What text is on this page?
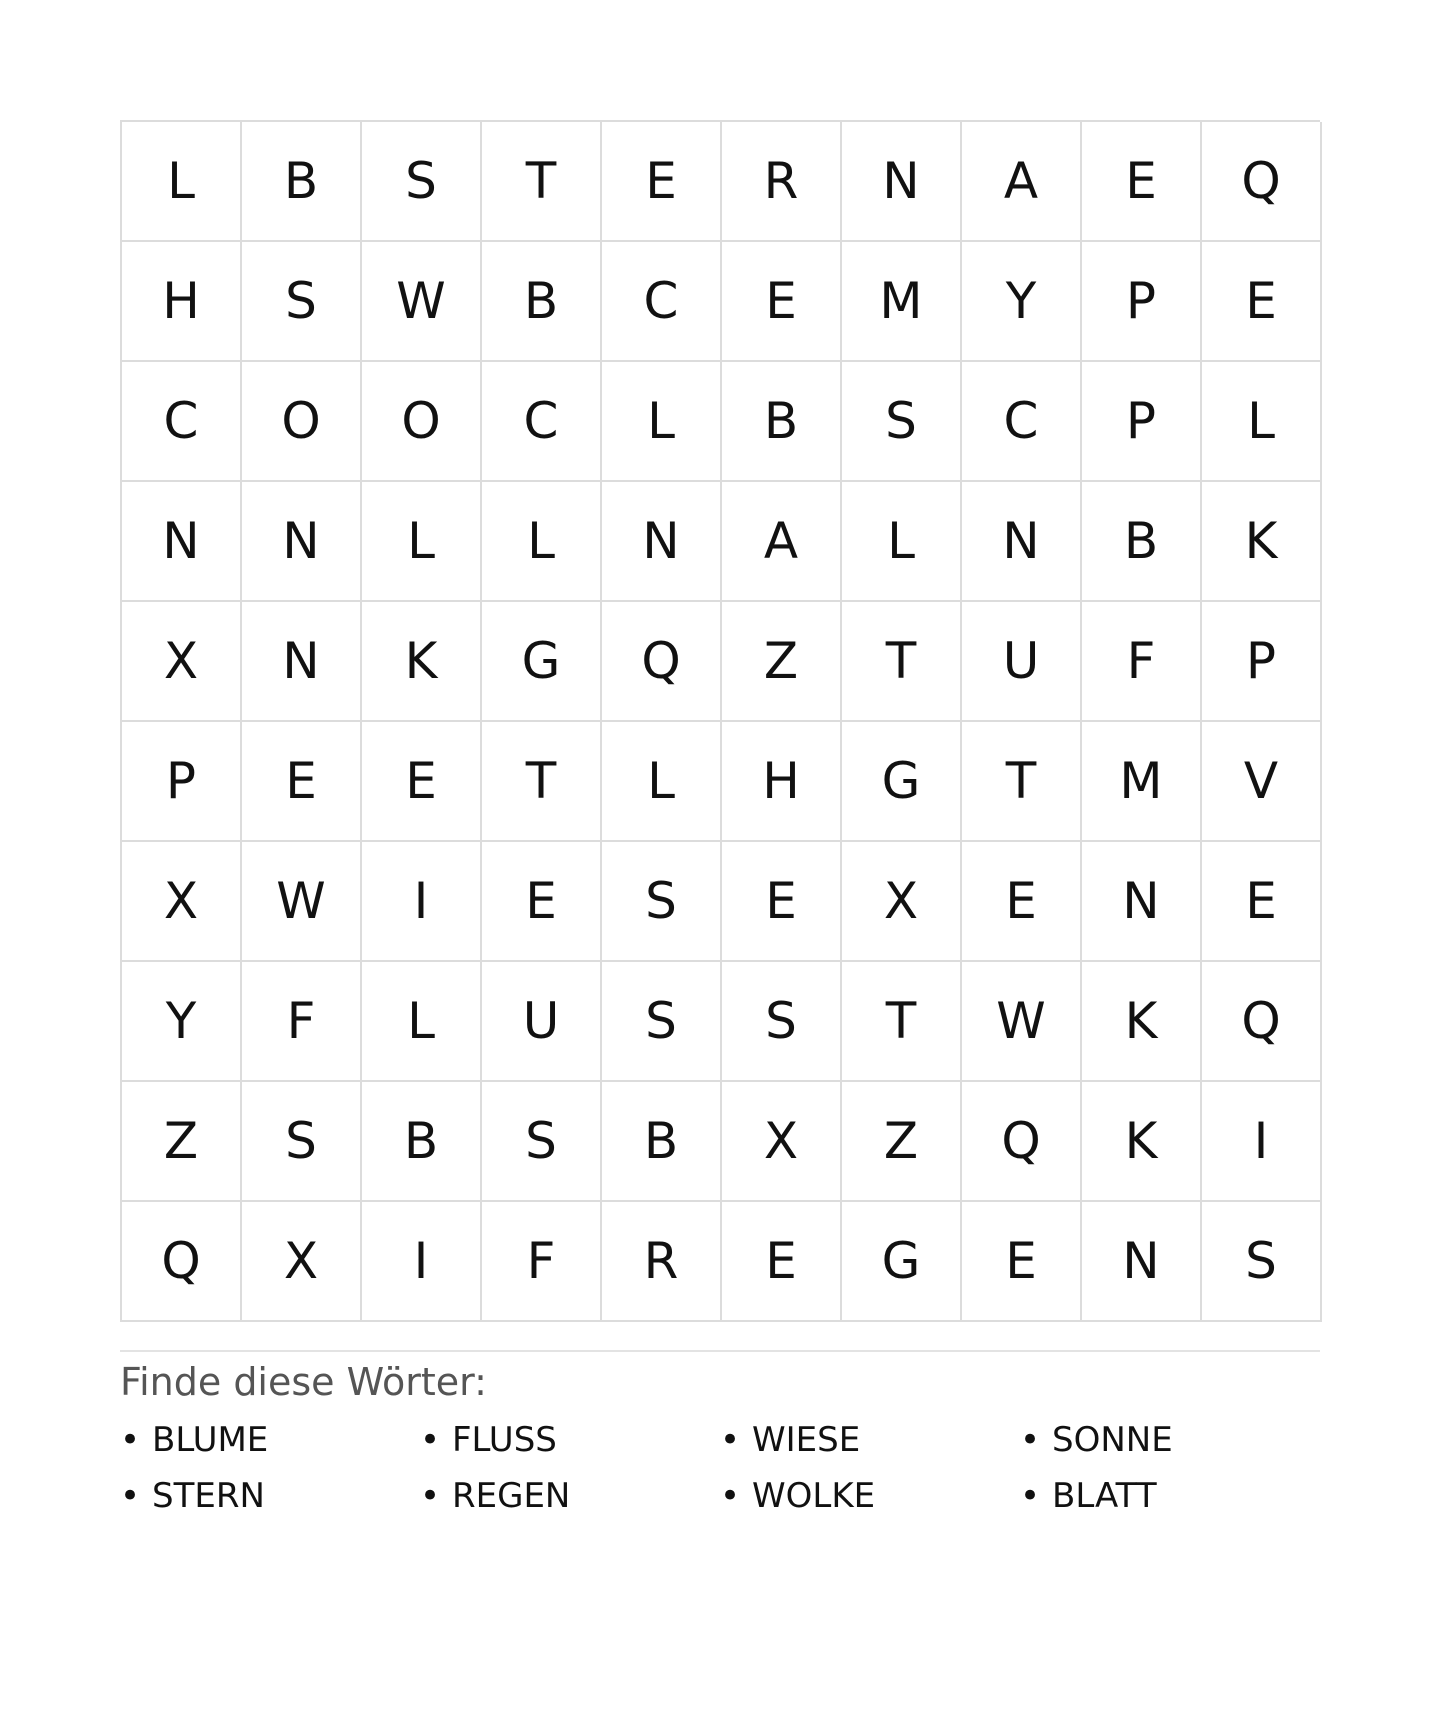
L	B	S	T	E	R	N	A	E	Q
H	S	W	B	C	E	M	Y	P	E
C	O	O	C	L	B	S	C	P	L
N	N	L	L	N	A	L	N	B	K
X	N	K	G	Q	Z	T	U	F	P
P	E	E	T	L	H	G	T	M	V
X	W	I	E	S	E	X	E	N	E
Y	F	L	U	S	S	T	W	K	Q
Z	S	B	S	B	X	Z	Q	K	I
Q	X	I	F	R	E	G	E	N	S
Finde diese Wörter:
• BLUME	• FLUSS	• WIESE	• SONNE
• STERN	• REGEN	• WOLKE	• BLATT
